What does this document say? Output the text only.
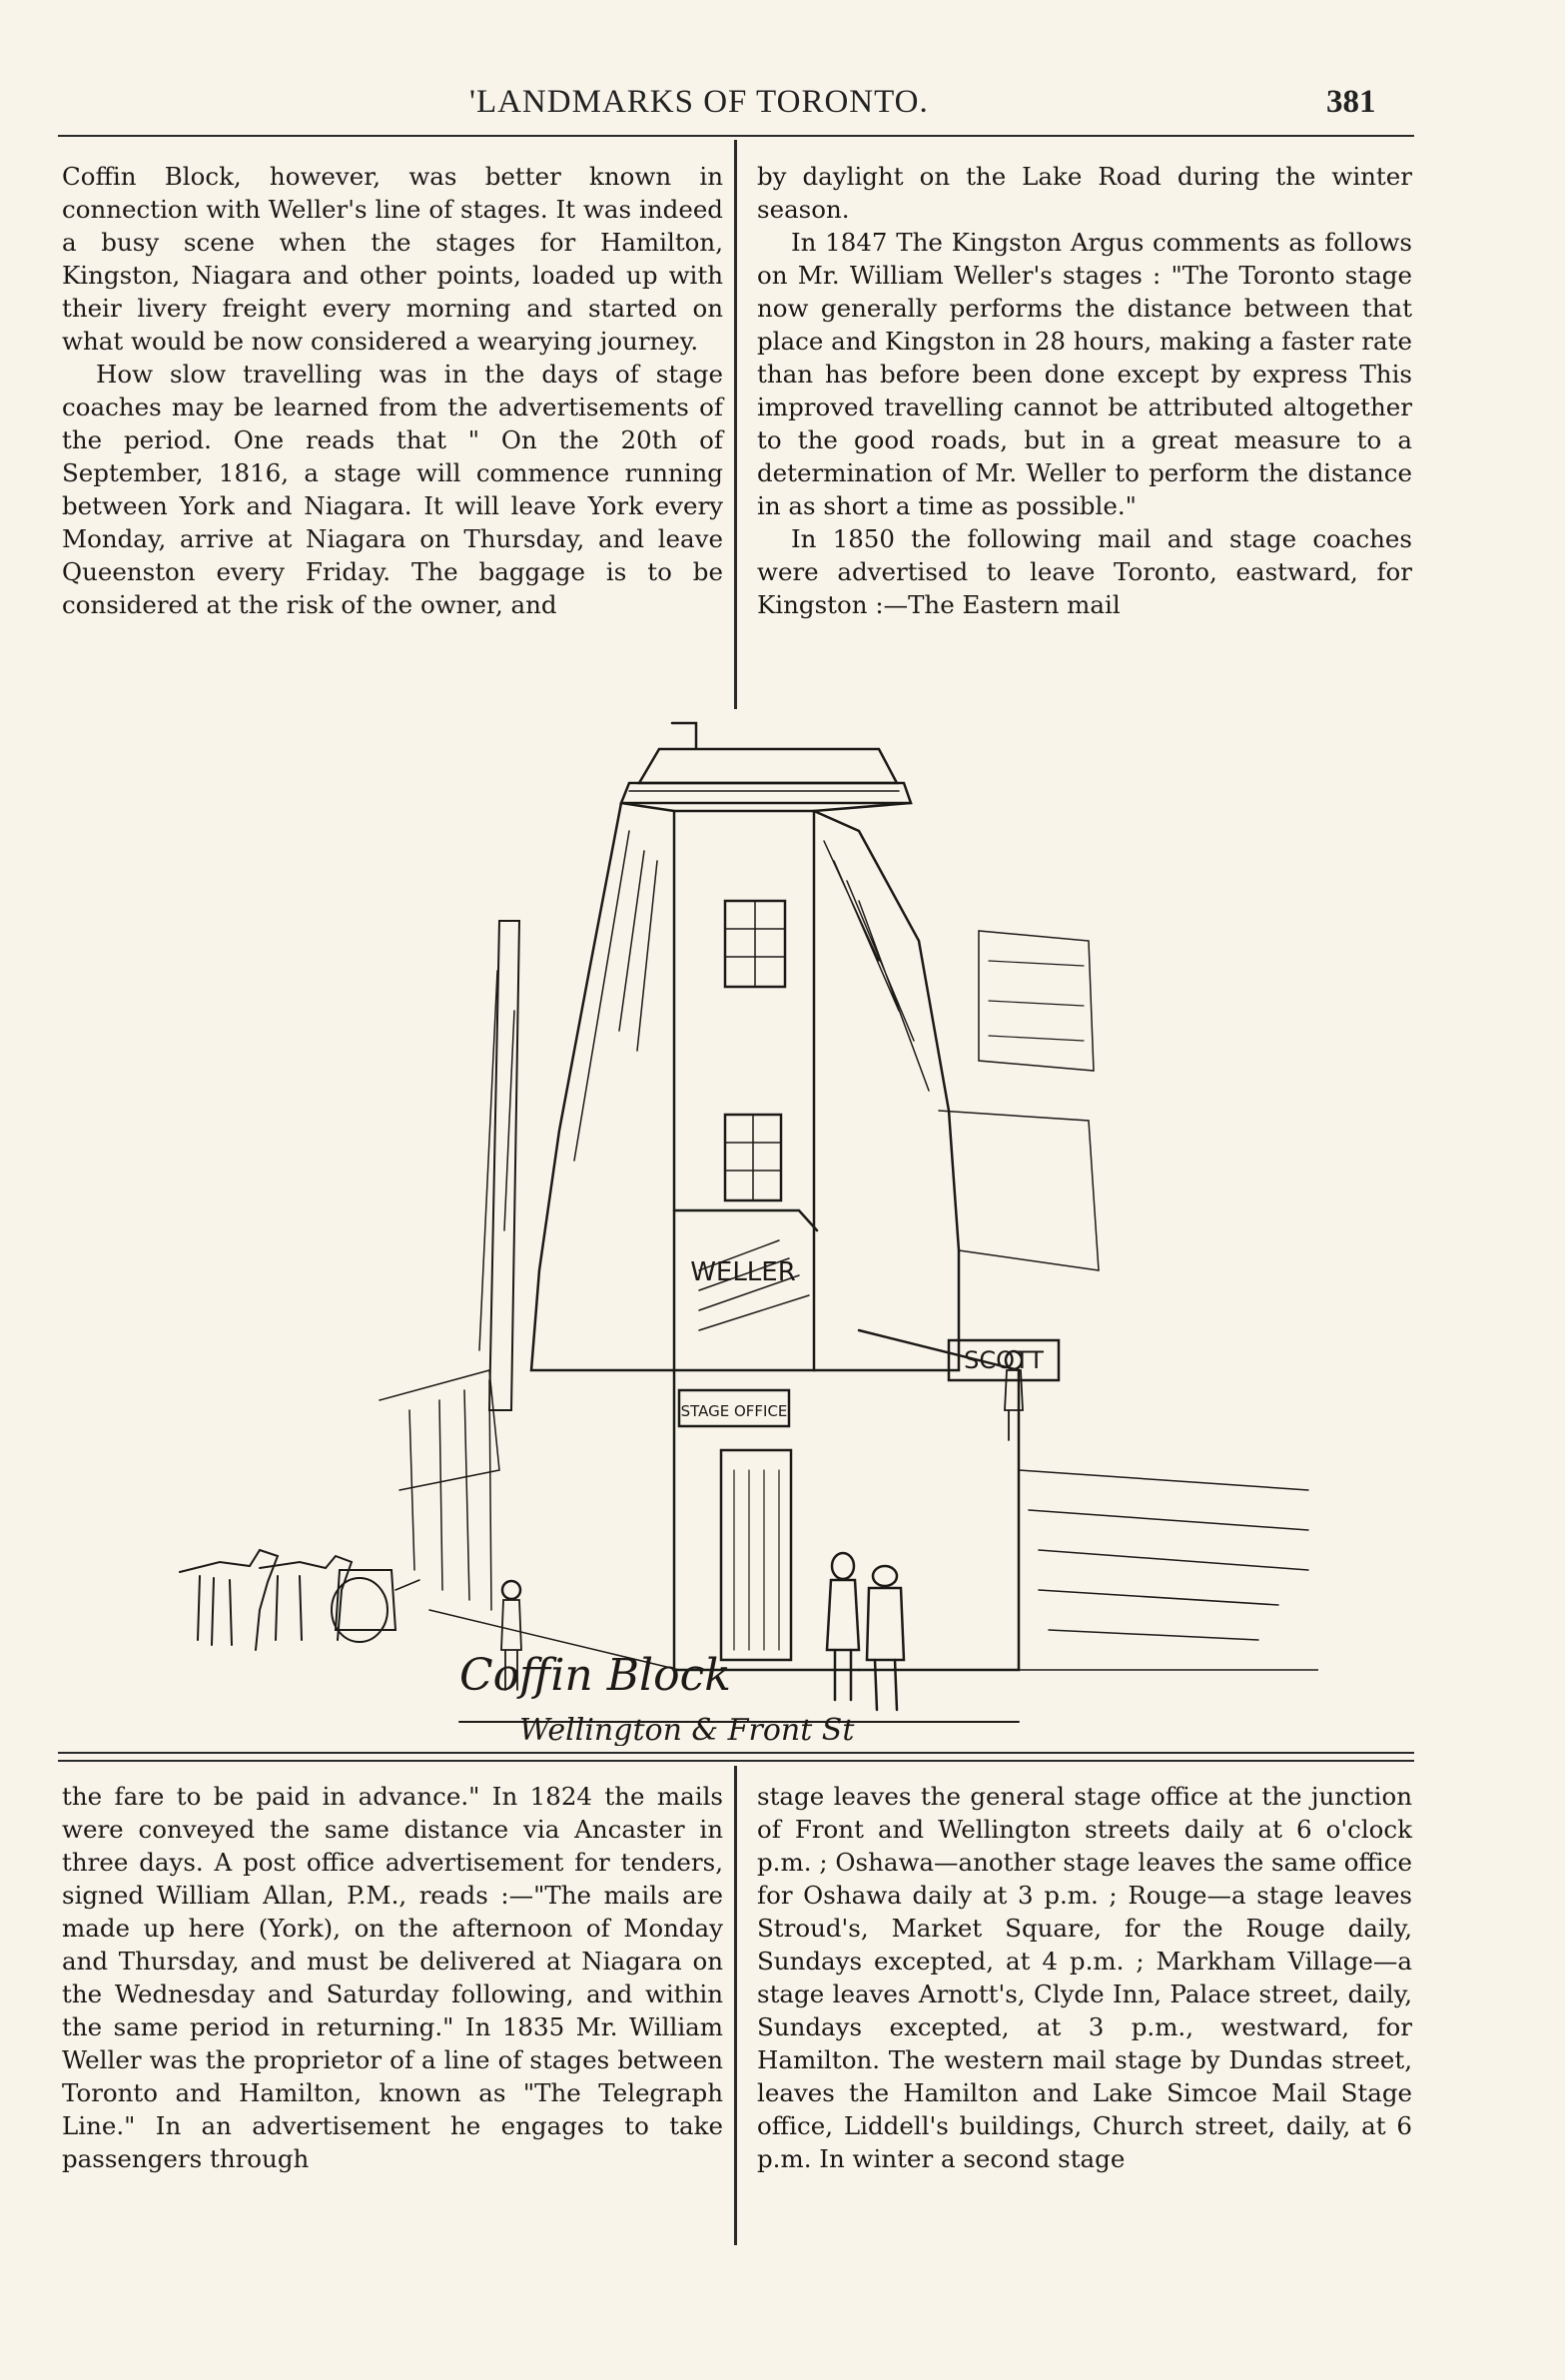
'LANDMARKS OF TORONTO.	381

Coffin Block, however, was better known in connection with Weller's line of stages. It was indeed a busy scene when the stages for Hamilton, Kingston, Niagara and other points, loaded up with their livery freight every morning and started on what would be now considered a wearying journey.

How slow travelling was in the days of stage coaches may be learned from the advertisements of the period. One reads that " On the 20th of September, 1816, a stage will commence running between York and Niagara. It will leave York every Monday, arrive at Niagara on Thursday, and leave Queenston every Friday. The baggage is to be considered at the risk of the owner, and

by daylight on the Lake Road during the winter season.

In 1847 The Kingston Argus comments as follows on Mr. William Weller's stages : "The Toronto stage now generally performs the distance between that place and Kingston in 28 hours, making a faster rate than has before been done except by express This improved travelling cannot be attributed altogether to the good roads, but in a great measure to a determination of Mr. Weller to perform the distance in as short a time as possible."

In 1850 the following mail and stage coaches were advertised to leave Toronto, eastward, for Kingston :—The Eastern mail

WELLER
STAGE OFFICE
SCOTT
Coffin Block
Wellington & Front St

the fare to be paid in advance." In 1824 the mails were conveyed the same distance via Ancaster in three days. A post office advertisement for tenders, signed William Allan, P.M., reads :—"The mails are made up here (York), on the afternoon of Monday and Thursday, and must be delivered at Niagara on the Wednesday and Saturday following, and within the same period in returning." In 1835 Mr. William Weller was the proprietor of a line of stages between Toronto and Hamilton, known as "The Telegraph Line." In an advertisement he engages to take passengers through

stage leaves the general stage office at the junction of Front and Wellington streets daily at 6 o'clock p.m. ; Oshawa—another stage leaves the same office for Oshawa daily at 3 p.m. ; Rouge—a stage leaves Stroud's, Market Square, for the Rouge daily, Sundays excepted, at 4 p.m. ; Markham Village—a stage leaves Arnott's, Clyde Inn, Palace street, daily, Sundays excepted, at 3 p.m., westward, for Hamilton. The western mail stage by Dundas street, leaves the Hamilton and Lake Simcoe Mail Stage office, Liddell's buildings, Church street, daily, at 6 p.m. In winter a second stage
